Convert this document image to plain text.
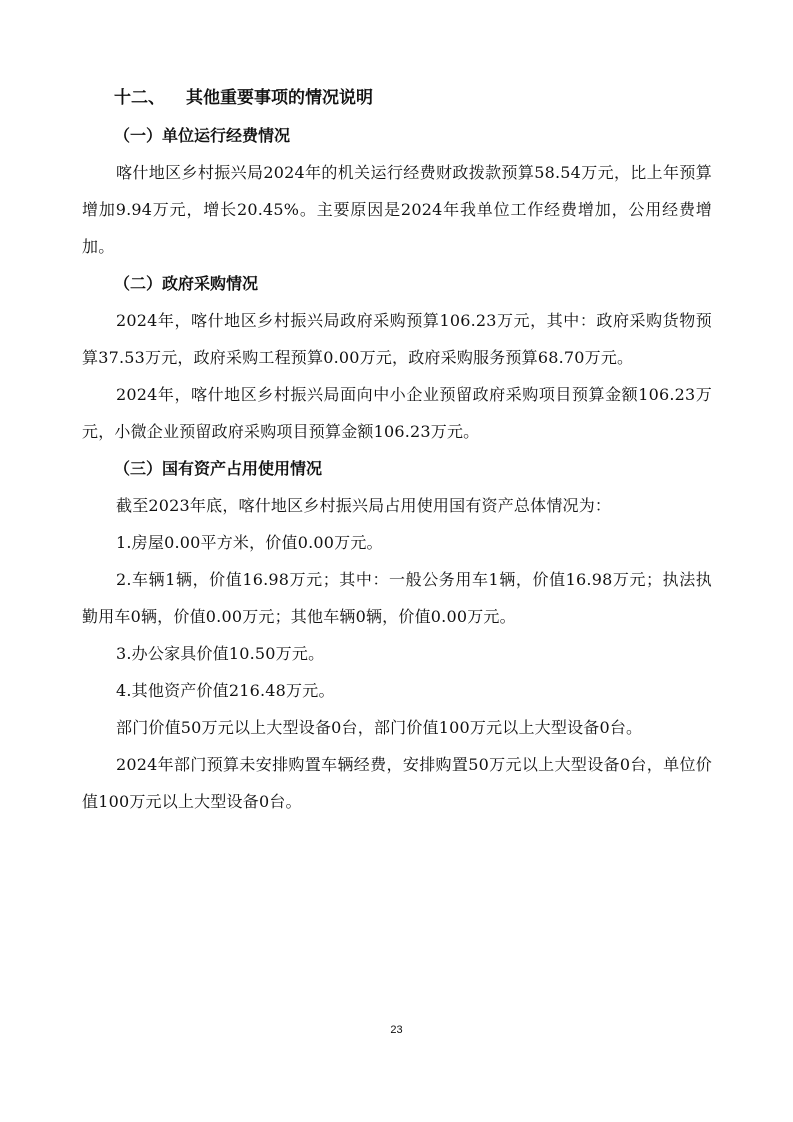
十二、 其他重要事项的情况说明
（一）单位运行经费情况

喀什地区乡村振兴局2024年的机关运行经费财政拨款预算58.54万元，比上年预算增加9.94万元，增长20.45%。主要原因是2024年我单位工作经费增加，公用经费增加。

（二）政府采购情况

2024年，喀什地区乡村振兴局政府采购预算106.23万元，其中：政府采购货物预算37.53万元，政府采购工程预算0.00万元，政府采购服务预算68.70万元。

2024年，喀什地区乡村振兴局面向中小企业预留政府采购项目预算金额106.23万元，小微企业预留政府采购项目预算金额106.23万元。

（三）国有资产占用使用情况

截至2023年底，喀什地区乡村振兴局占用使用国有资产总体情况为：

1.房屋0.00平方米，价值0.00万元。

2.车辆1辆，价值16.98万元；其中：一般公务用车1辆，价值16.98万元；执法执勤用车0辆，价值0.00万元；其他车辆0辆，价值0.00万元。

3.办公家具价值10.50万元。

4.其他资产价值216.48万元。

部门价值50万元以上大型设备0台，部门价值100万元以上大型设备0台。

2024年部门预算未安排购置车辆经费，安排购置50万元以上大型设备0台，单位价值100万元以上大型设备0台。

23
